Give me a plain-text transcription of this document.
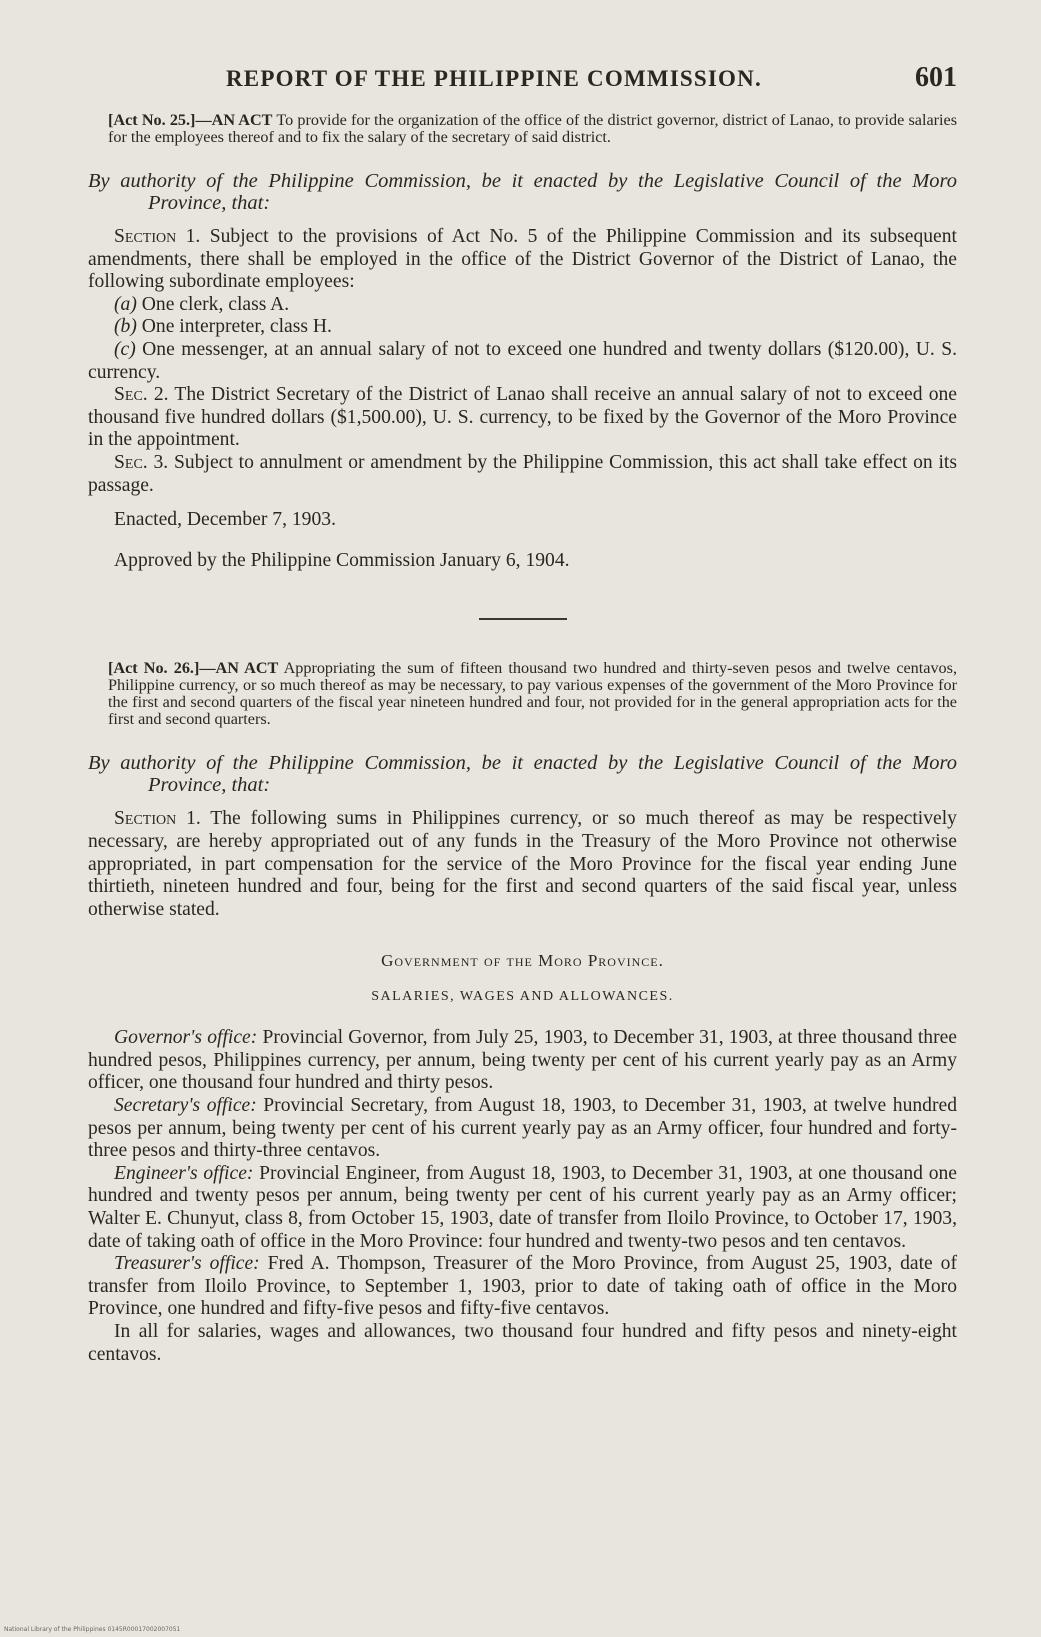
REPORT OF THE PHILIPPINE COMMISSION.	601
[Act No. 25.]—AN ACT To provide for the organization of the office of the district governor, district of Lanao, to provide salaries for the employees thereof and to fix the salary of the secretary of said district.
By authority of the Philippine Commission, be it enacted by the Legislative Council of the Moro Province, that:

Section 1. Subject to the provisions of Act No. 5 of the Philippine Commission and its subsequent amendments, there shall be employed in the office of the District Governor of the District of Lanao, the following subordinate employees:

(a) One clerk, class A.

(b) One interpreter, class H.

(c) One messenger, at an annual salary of not to exceed one hundred and twenty dollars ($120.00), U. S. currency.

Sec. 2. The District Secretary of the District of Lanao shall receive an annual salary of not to exceed one thousand five hundred dollars ($1,500.00), U. S. currency, to be fixed by the Governor of the Moro Province in the appointment.

Sec. 3. Subject to annulment or amendment by the Philippine Commission, this act shall take effect on its passage.

Enacted, December 7, 1903.

Approved by the Philippine Commission January 6, 1904.

[Act No. 26.]—AN ACT Appropriating the sum of fifteen thousand two hundred and thirty-seven pesos and twelve centavos, Philippine currency, or so much thereof as may be necessary, to pay various expenses of the government of the Moro Province for the first and second quarters of the fiscal year nineteen hundred and four, not provided for in the general appropriation acts for the first and second quarters.
By authority of the Philippine Commission, be it enacted by the Legislative Council of the Moro Province, that:

Section 1. The following sums in Philippines currency, or so much thereof as may be respectively necessary, are hereby appropriated out of any funds in the Treasury of the Moro Province not otherwise appropriated, in part compensation for the service of the Moro Province for the fiscal year ending June thirtieth, nineteen hundred and four, being for the first and second quarters of the said fiscal year, unless otherwise stated.

Government of the Moro Province.
SALARIES, WAGES AND ALLOWANCES.

Governor's office: Provincial Governor, from July 25, 1903, to December 31, 1903, at three thousand three hundred pesos, Philippines currency, per annum, being twenty per cent of his current yearly pay as an Army officer, one thousand four hundred and thirty pesos.

Secretary's office: Provincial Secretary, from August 18, 1903, to December 31, 1903, at twelve hundred pesos per annum, being twenty per cent of his current yearly pay as an Army officer, four hundred and forty-three pesos and thirty-three centavos.

Engineer's office: Provincial Engineer, from August 18, 1903, to December 31, 1903, at one thousand one hundred and twenty pesos per annum, being twenty per cent of his current yearly pay as an Army officer; Walter E. Chunyut, class 8, from October 15, 1903, date of transfer from Iloilo Province, to October 17, 1903, date of taking oath of office in the Moro Province: four hundred and twenty-two pesos and ten centavos.

Treasurer's office: Fred A. Thompson, Treasurer of the Moro Province, from August 25, 1903, date of transfer from Iloilo Province, to September 1, 1903, prior to date of taking oath of office in the Moro Province, one hundred and fifty-five pesos and fifty-five centavos.

In all for salaries, wages and allowances, two thousand four hundred and fifty pesos and ninety-eight centavos.

National Library of the Philippines 0145R00017002007051
